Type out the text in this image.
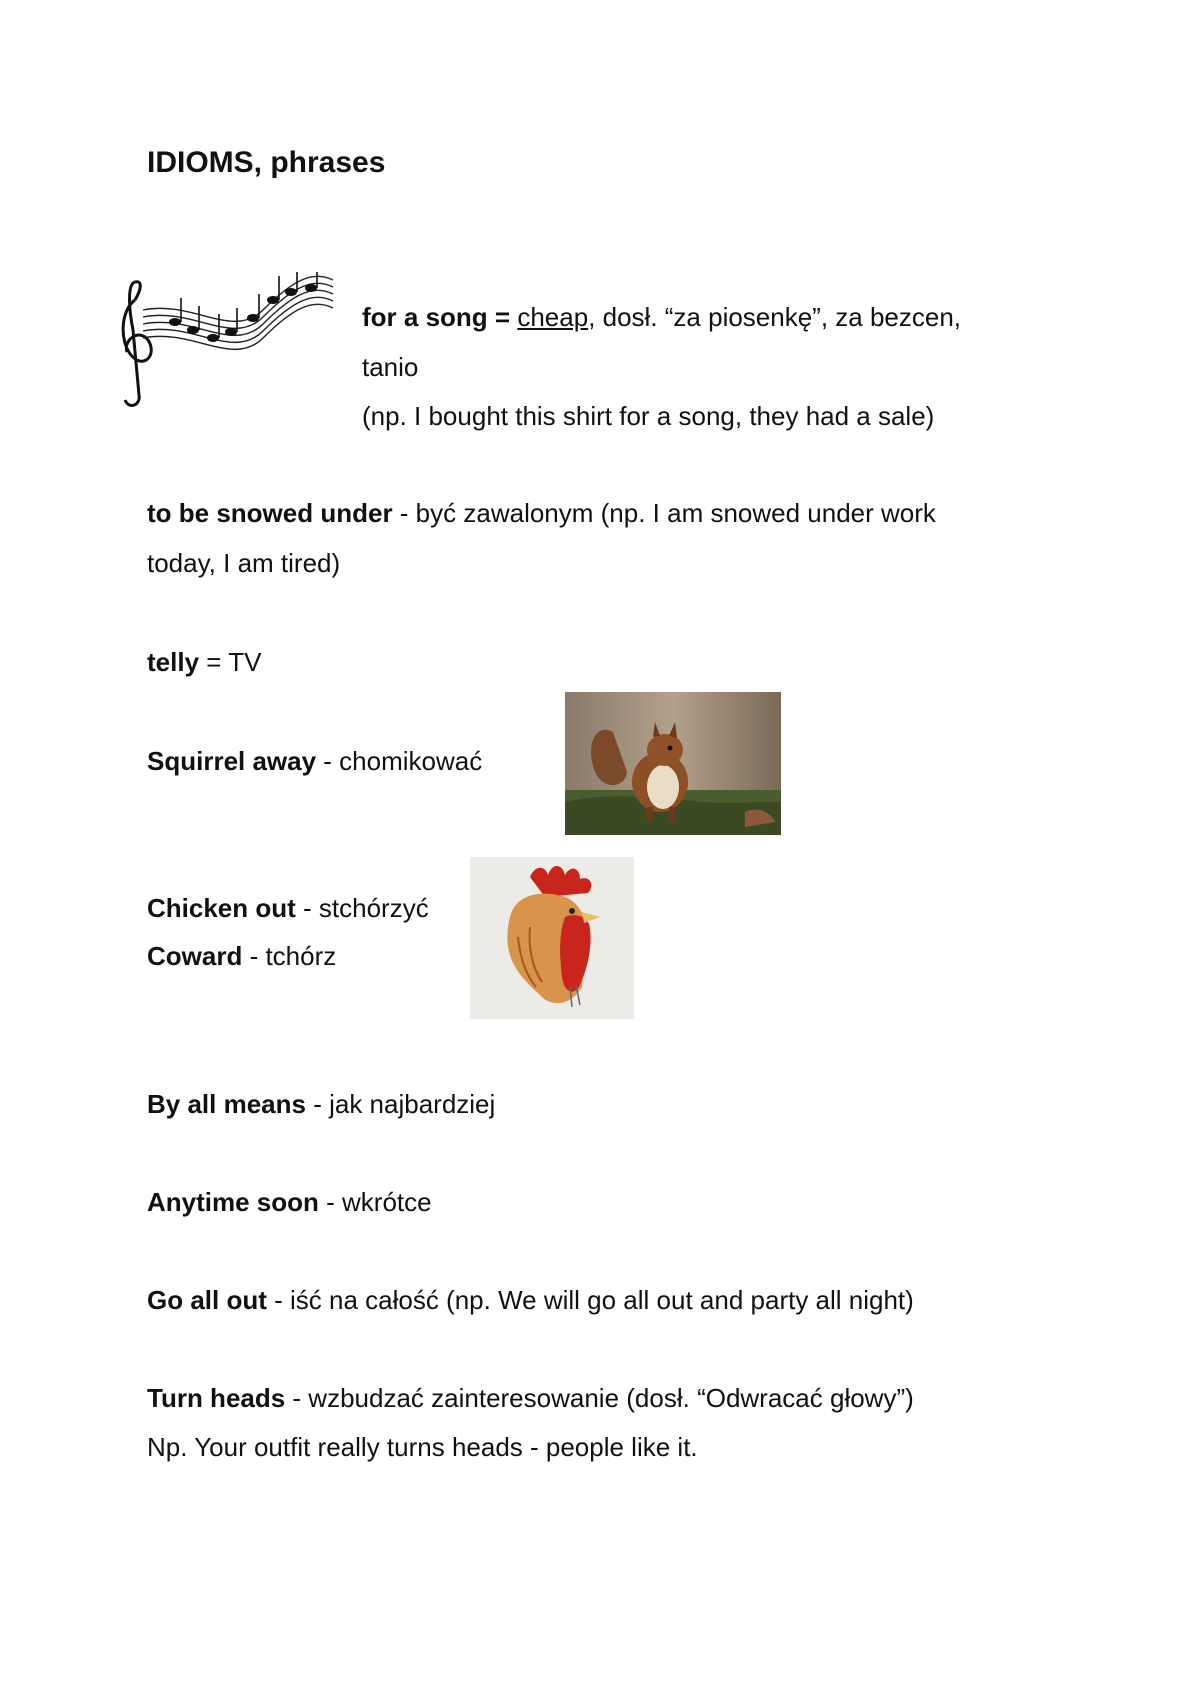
IDIOMS, phrases
for a song = cheap, dosł. “za piosenkę”, za bezcen,
tanio
(np. I bought this shirt for a song, they had a sale)
to be snowed under - być zawalonym (np. I am snowed under work
today, I am tired)
telly = TV
Squirrel away - chomikować
Chicken out - stchórzyć
Coward - tchórz
By all means - jak najbardziej
Anytime soon - wkrótce
Go all out - iść na całość (np. We will go all out and party all night)
Turn heads - wzbudzać zainteresowanie (dosł. “Odwracać głowy”)
Np. Your outfit really turns heads - people like it.
